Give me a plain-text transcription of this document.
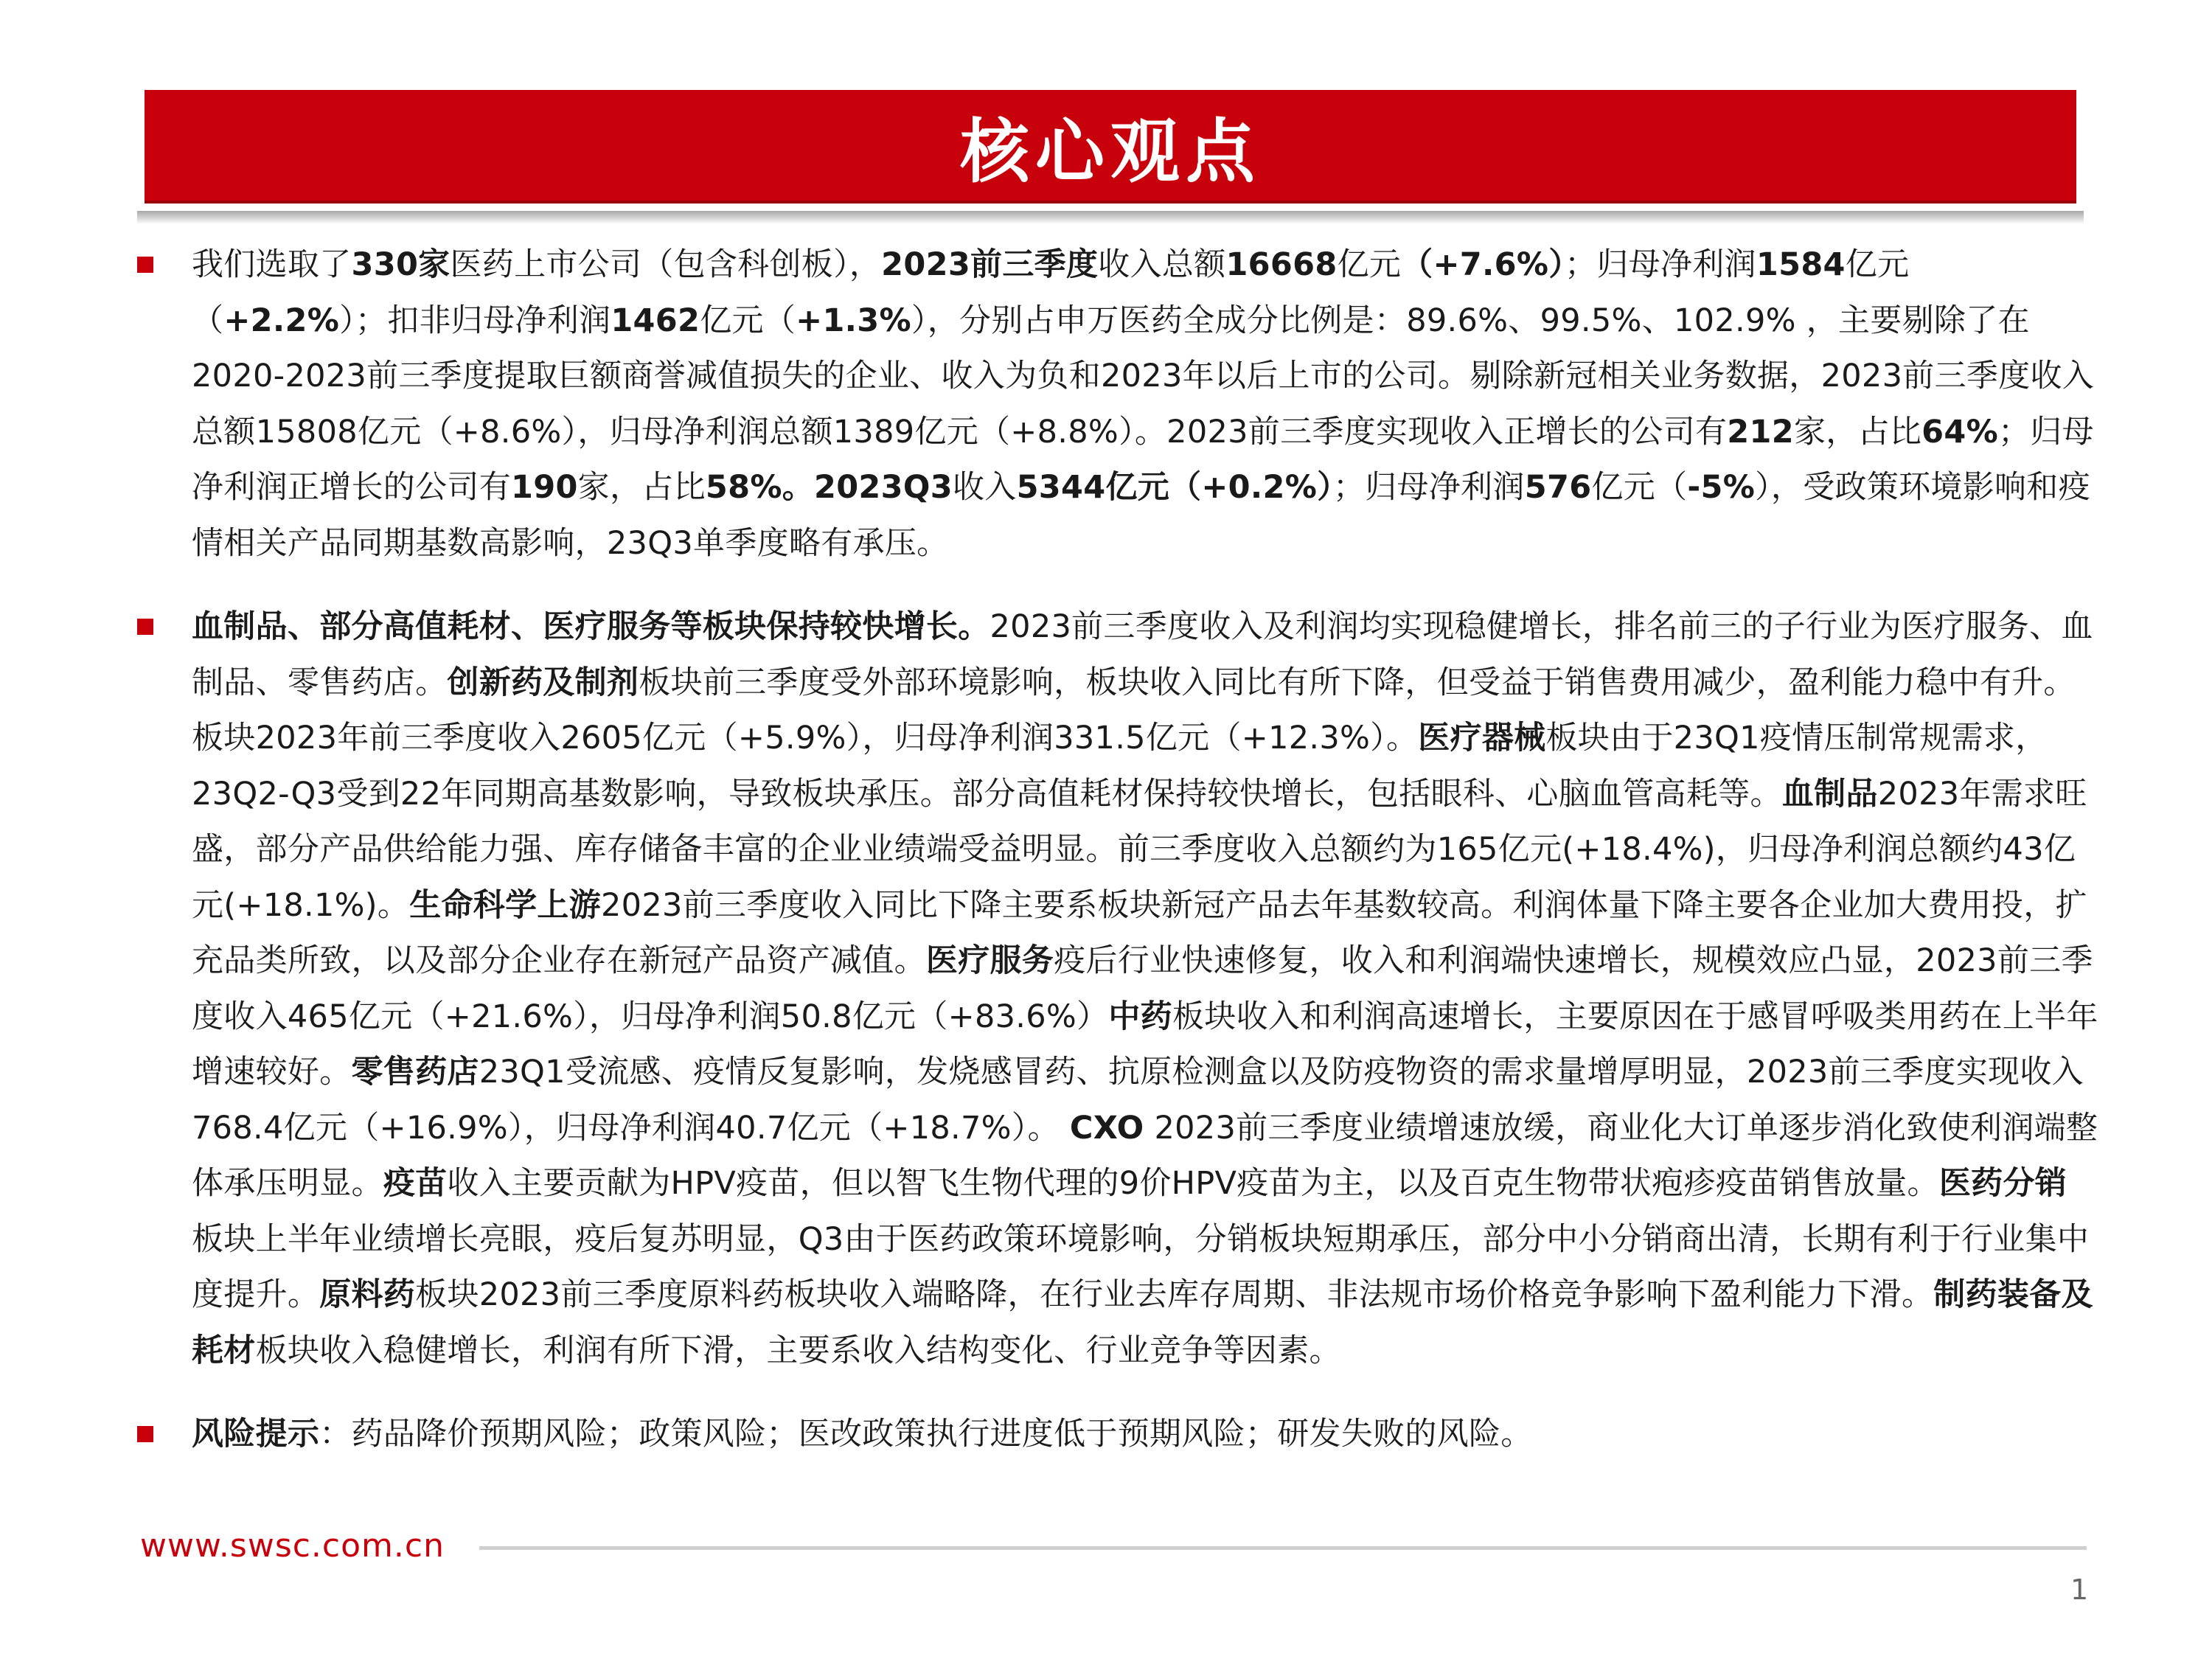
核心观点

我们选取了330家医药上市公司（包含科创板），2023前三季度收入总额16668亿元（+7.6%）；归母净利润1584亿元（+2.2%）；扣非归母净利润1462亿元（+1.3%），分别占申万医药全成分比例是：89.6%、99.5%、102.9% ，主要剔除了在2020-2023前三季度提取巨额商誉减值损失的企业、收入为负和2023年以后上市的公司。剔除新冠相关业务数据，2023前三季度收入总额15808亿元（+8.6%），归母净利润总额1389亿元（+8.8%）。2023前三季度实现收入正增长的公司有212家，占比64%；归母净利润正增长的公司有190家，占比58%。2023Q3收入5344亿元（+0.2%）；归母净利润576亿元（-5%），受政策环境影响和疫情相关产品同期基数高影响，23Q3单季度略有承压。

血制品、部分高值耗材、医疗服务等板块保持较快增长。2023前三季度收入及利润均实现稳健增长，排名前三的子行业为医疗服务、血制品、零售药店。创新药及制剂板块前三季度受外部环境影响，板块收入同比有所下降，但受益于销售费用减少，盈利能力稳中有升。板块2023年前三季度收入2605亿元（+5.9%），归母净利润331.5亿元（+12.3%）。医疗器械板块由于23Q1疫情压制常规需求，23Q2-Q3受到22年同期高基数影响，导致板块承压。部分高值耗材保持较快增长，包括眼科、心脑血管高耗等。血制品2023年需求旺盛，部分产品供给能力强、库存储备丰富的企业业绩端受益明显。前三季度收入总额约为165亿元(+18.4%)，归母净利润总额约43亿元(+18.1%)。生命科学上游2023前三季度收入同比下降主要系板块新冠产品去年基数较高。利润体量下降主要各企业加大费用投，扩充品类所致，以及部分企业存在新冠产品资产减值。医疗服务疫后行业快速修复，收入和利润端快速增长，规模效应凸显，2023前三季度收入465亿元（+21.6%），归母净利润50.8亿元（+83.6%）中药板块收入和利润高速增长，主要原因在于感冒呼吸类用药在上半年增速较好。零售药店23Q1受流感、疫情反复影响，发烧感冒药、抗原检测盒以及防疫物资的需求量增厚明显，2023前三季度实现收入768.4亿元（+16.9%），归母净利润40.7亿元（+18.7%）。 CXO 2023前三季度业绩增速放缓，商业化大订单逐步消化致使利润端整体承压明显。疫苗收入主要贡献为HPV疫苗，但以智飞生物代理的9价HPV疫苗为主，以及百克生物带状疱疹疫苗销售放量。医药分销板块上半年业绩增长亮眼，疫后复苏明显，Q3由于医药政策环境影响，分销板块短期承压，部分中小分销商出清，长期有利于行业集中度提升。原料药板块2023前三季度原料药板块收入端略降，在行业去库存周期、非法规市场价格竞争影响下盈利能力下滑。制药装备及耗材板块收入稳健增长，利润有所下滑，主要系收入结构变化、行业竞争等因素。

风险提示：药品降价预期风险；政策风险；医改政策执行进度低于预期风险；研发失败的风险。

www.swsc.com.cn
1
